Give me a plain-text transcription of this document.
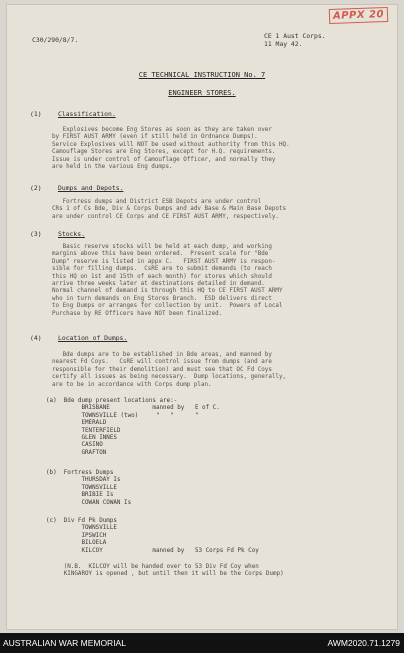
APPX 20
C30/290/8/7.	CE 1 Aust Corps.
11 May 42.
CE TECHNICAL INSTRUCTION No. 7
ENGINEER STORES.
(1)	Classification.
Explosives become Eng Stores as soon as they are taken over
by FIRST AUST ARMY (even if still held in Ordnance Dumps).
Service Explosives will NOT be used without authority from this HQ.
Camouflage Stores are Eng Stores, except for H.Q. requirements.
Issue is under control of Camouflage Officer, and normally they
are held in the various Eng dumps.
(2)	Dumps and Depots.
Fortress dumps and District ESB Depots are under control
CRs 1 of Cs Bde, Div & Corps Dumps and adv Base & Main Base Depots
are under control CE Corps and CE FIRST AUST ARMY, respectively.
(3)	Stocks.
Basic reserve stocks will be held at each dump, and working
margins above this have been ordered.  Present scale for "Bde
Dump" reserve is listed in appx C.   FIRST AUST ARMY is respon-
sible for filling dumps.  CsRE are to submit demands (to reach
this HQ on 1st and 15th of each month) for stores which should
arrive three weeks later at destinations detailed in demand.
Normal channel of demand is through this HQ to CE FIRST AUST ARMY
who in turn demands on Eng Stores Branch.  ESD delivers direct
to Eng Dumps or arranges for collection by unit.  Powers of Local
Purchase by RE Officers have NOT been finalized.
(4)	Location of Dumps.
Bde dumps are to be established in Bde areas, and manned by
nearest Fd Coys.   CsRE will control issue from dumps (and are
responsible for their demolition) and must see that OC Fd Coys
certify all issues as being necessary.  Dump locations, generally,
are to be in accordance with Corps dump plan.
(a)  Bde dump present locations are:-
BRISBANE            manned by   E of C.
TOWNSVILLE (two)     "   "      "
EMERALD
TENTERFIELD
GLEN INNES
CASINO
GRAFTON
(b)  Fortress Dumps
THURSDAY Is
TOWNSVILLE
BRIBIE Is
COWAN COWAN Is
(c)  Div Fd Pk Dumps
TOWNSVILLE
IPSWICH
BILOELA
KILCOY              manned by   53 Corps Fd Pk Coy
(N.B.  KILCOY will be handed over to 53 Div Fd Coy when
KINGAROY is opened , but until then it will be the Corps Dump)
AUSTRALIAN WAR MEMORIAL	AWM2020.71.1279
